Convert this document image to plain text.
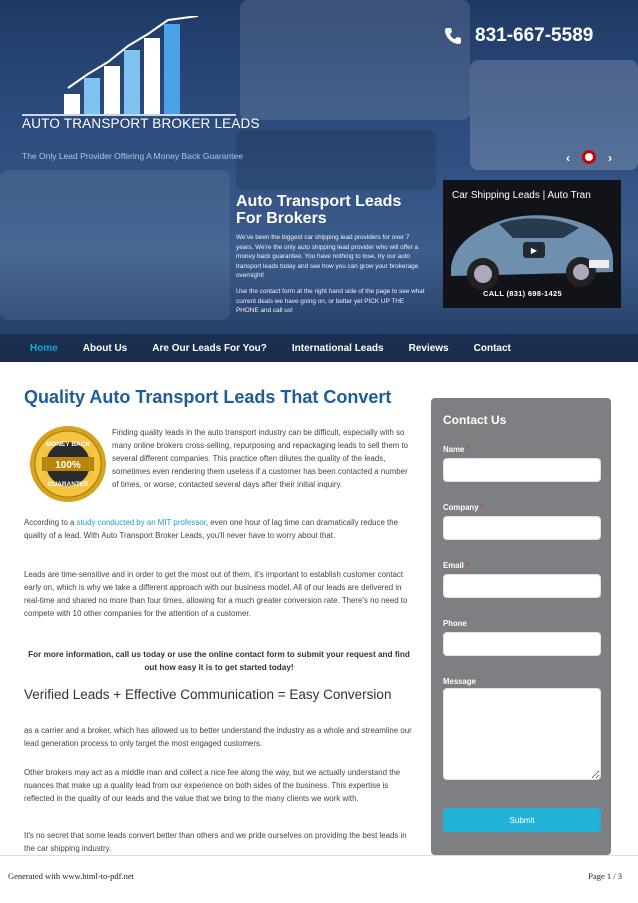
AUTO TRANSPORT BROKER LEADS
The Only Lead Provider Offering A Money Back Guarantee
831-667-5589
‹	›
Auto Transport Leads For Brokers

We've been the biggest car shipping lead providers for over 7 years. We're the only auto shipping lead provider who will offer a money back guarantee. You have nothing to lose, try our auto transport leads today and see how you can grow your brokerage overnight!

Use the contact form at the right hand side of the page to see what current deals we have going on, or better yet PICK UP THE PHONE and call us!

Car Shipping Leads | Auto Tran
▶
CALL (831) 698-1425
Home	About Us	Are Our Leads For You?	International Leads	Reviews	Contact
Quality Auto Transport Leads That Convert
100%
MONEY BACK
GUARANTEE

Finding quality leads in the auto transport industry can be difficult, especially with so many online brokers cross-selling, repurposing and repackaging leads to sell them to several different companies. This practice often dilutes the quality of the leads, sometimes even rendering them useless if a customer has been contacted a number of times, or worse, contacted several days after their initial inquiry.

According to a study conducted by an MIT professor, even one hour of lag time can dramatically reduce the quality of a lead. With Auto Transport Broker Leads, you'll never have to worry about that.

Leads are time-sensitive and in order to get the most out of them, it's important to establish customer contact early on, which is why we take a different approach with our business model. All of our leads are delivered in real-time and shared no more than four times, allowing for a much greater conversion rate. There's no need to compete with 10 other companies for the attention of a customer.

For more information, call us today or use the online contact form to submit your request and find out how easy it is to get started today!

Verified Leads + Effective Communication = Easy Conversion

as a carrier and a broker, which has allowed us to better understand the industry as a whole and streamline our lead generation process to only target the most engaged customers.

Other brokers may act as a middle man and collect a nice fee along the way, but we actually understand the nuances that make up a quality lead from our experience on both sides of the business. This expertise is reflected in the quality of our leads and the value that we bring to the many clients we work with.

It's no secret that some leads convert better than others and we pride ourselves on providing the best leads in the car shipping industry.

Contact Us
Name *
Company *
Email *
Phone
Message *
Submit
Generated with www.html-to-pdf.net	Page 1 / 3
